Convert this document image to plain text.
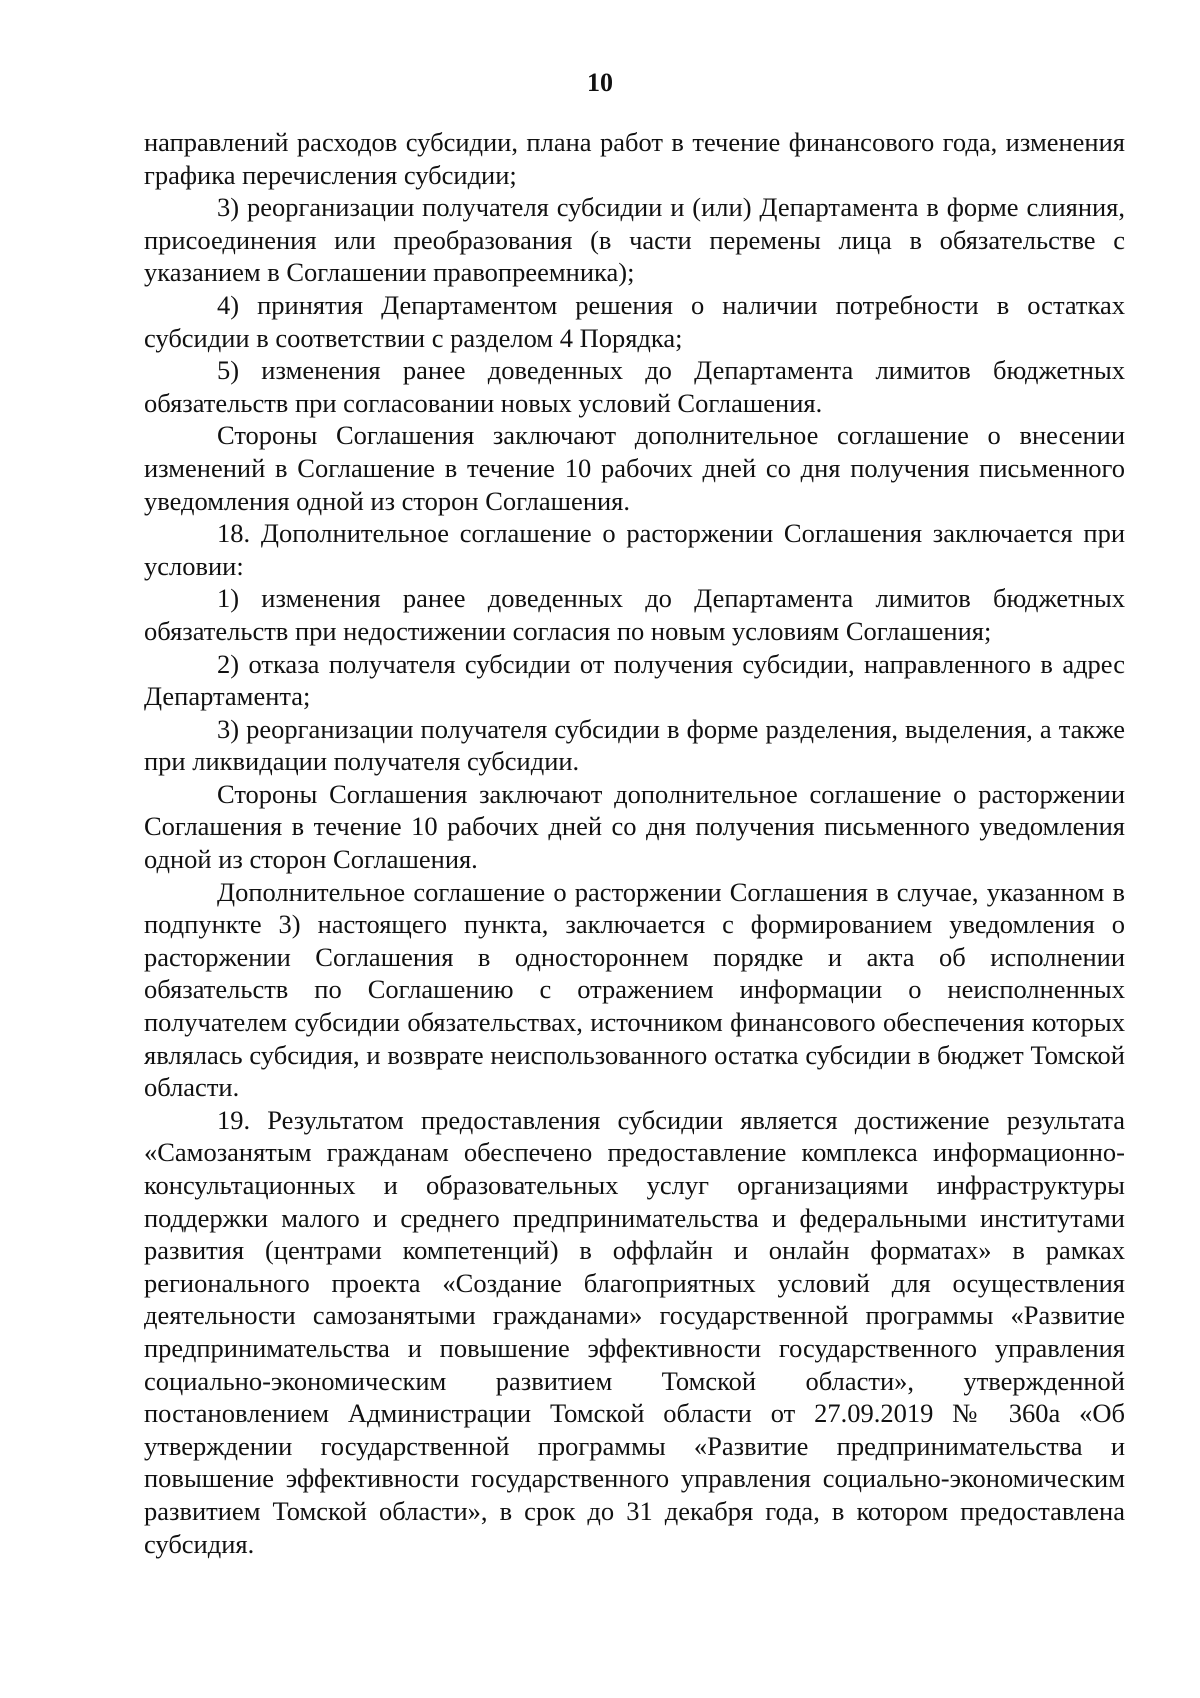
10

направлений расходов субсидии, плана работ в течение финансового года, изменения графика перечисления субсидии;

3) реорганизации получателя субсидии и (или) Департамента в форме слияния, присоединения или преобразования (в части перемены лица в обязательстве с указанием в Соглашении правопреемника);

4) принятия Департаментом решения о наличии потребности в остатках субсидии в соответствии с разделом 4 Порядка;

5) изменения ранее доведенных до Департамента лимитов бюджетных обязательств при согласовании новых условий Соглашения.

Стороны Соглашения заключают дополнительное соглашение о внесении изменений в Соглашение в течение 10 рабочих дней со дня получения письменного уведомления одной из сторон Соглашения.

18. Дополнительное соглашение о расторжении Соглашения заключается при условии:

1) изменения ранее доведенных до Департамента лимитов бюджетных обязательств при недостижении согласия по новым условиям Соглашения;

2) отказа получателя субсидии от получения субсидии, направленного в адрес Департамента;

3) реорганизации получателя субсидии в форме разделения, выделения, а также при ликвидации получателя субсидии.

Стороны Соглашения заключают дополнительное соглашение о расторжении Соглашения в течение 10 рабочих дней со дня получения письменного уведомления одной из сторон Соглашения.

Дополнительное соглашение о расторжении Соглашения в случае, указанном в подпункте 3) настоящего пункта, заключается с формированием уведомления о расторжении Соглашения в одностороннем порядке и акта об исполнении обязательств по Соглашению с отражением информации о неисполненных получателем субсидии обязательствах, источником финансового обеспечения которых являлась субсидия, и возврате неиспользованного остатка субсидии в бюджет Томской области.

19. Результатом предоставления субсидии является достижение результата «Самозанятым гражданам обеспечено предоставление комплекса информационно-консультационных и образовательных услуг организациями инфраструктуры поддержки малого и среднего предпринимательства и федеральными институтами развития (центрами компетенций) в оффлайн и онлайн форматах» в рамках регионального проекта «Создание благоприятных условий для осуществления деятельности самозанятыми гражданами» государственной программы «Развитие предпринимательства и повышение эффективности государственного управления социально-экономическим развитием Томской области», утвержденной постановлением Администрации Томской области от 27.09.2019 № 360а «Об утверждении государственной программы «Развитие предпринимательства и повышение эффективности государственного управления социально-экономическим развитием Томской области», в срок до 31 декабря года, в котором предоставлена субсидия.
